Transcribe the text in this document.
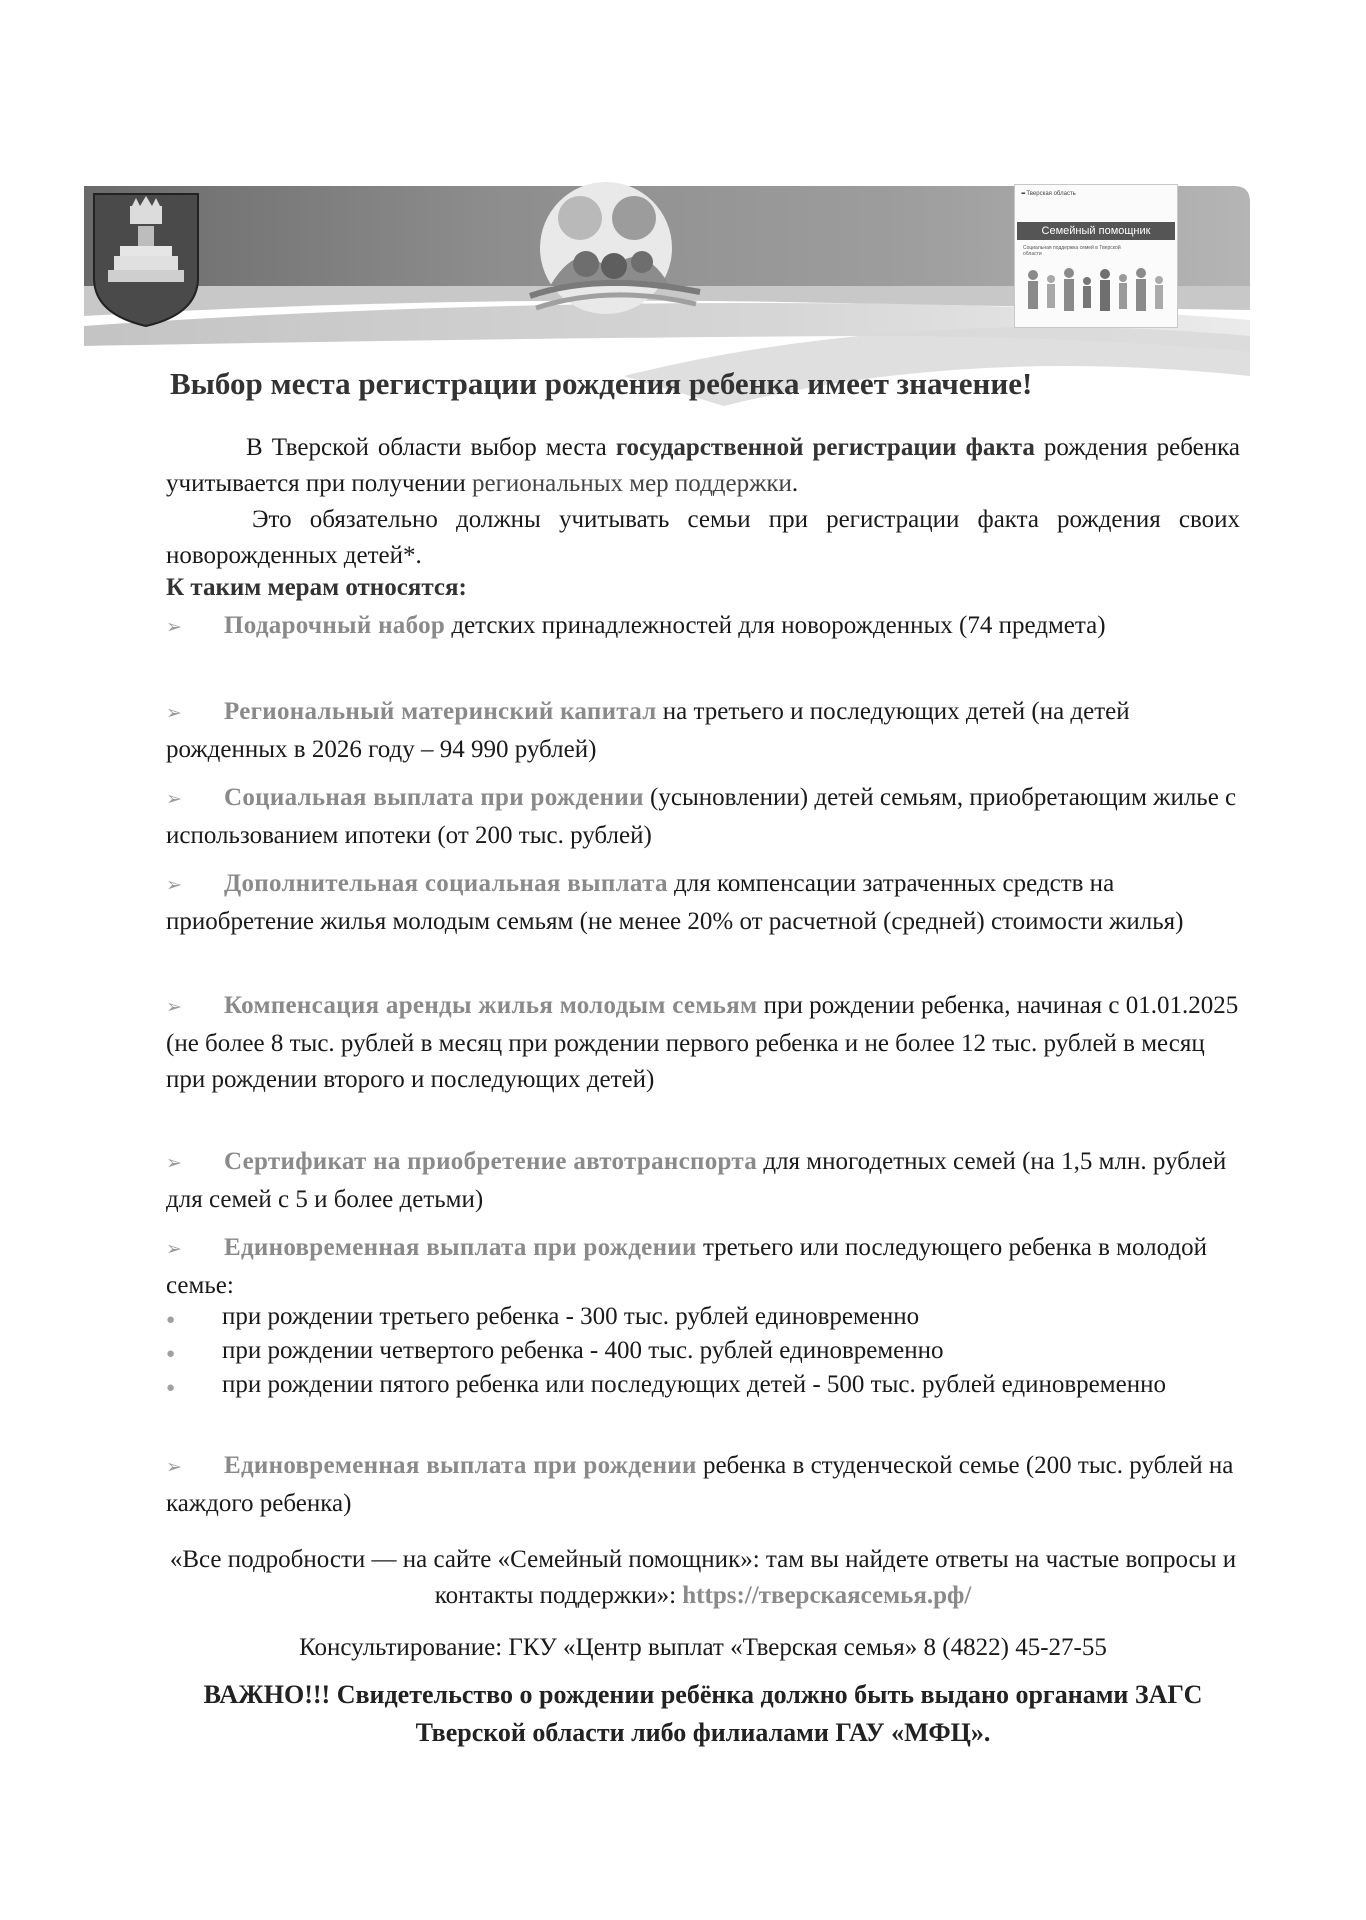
▪▪▪ Тверская область
Семейный помощник
Социальная поддержка семей в Тверской области
Выбор места регистрации рождения ребенка имеет значение!

В Тверской области выбор места государственной регистрации факта рождения ребенка учитывается при получении региональных мер поддержки.

Это обязательно должны учитывать семьи при регистрации факта рождения своих новорожденных детей*.

К таким мерам относятся:
➢ Подарочный набор детских принадлежностей для новорожденных (74 предмета)
➢ Региональный материнский капитал на третьего и последующих детей (на детей рожденных в 2026 году – 94 990 рублей)
➢ Социальная выплата при рождении (усыновлении) детей семьям, приобретающим жилье с использованием ипотеки (от 200 тыс. рублей)
➢ Дополнительная социальная выплата для компенсации затраченных средств на приобретение жилья молодым семьям (не менее 20% от расчетной (средней) стоимости жилья)
➢ Компенсация аренды жилья молодым семьям при рождении ребенка, начиная с 01.01.2025 (не более 8 тыс. рублей в месяц при рождении первого ребенка и не более 12 тыс. рублей в месяц при рождении второго и последующих детей)
➢ Сертификат на приобретение автотранспорта для многодетных семей (на 1,5 млн. рублей для семей с 5 и более детьми)
➢ Единовременная выплата при рождении третьего или последующего ребенка в молодой семье:
● при рождении третьего ребенка - 300 тыс. рублей единовременно
● при рождении четвертого ребенка - 400 тыс. рублей единовременно
● при рождении пятого ребенка или последующих детей - 500 тыс. рублей единовременно
➢ Единовременная выплата при рождении ребенка в студенческой семье (200 тыс. рублей на каждого ребенка)
«Все подробности — на сайте «Семейный помощник»: там вы найдете ответы на частые вопросы и контакты поддержки»: https://тверскаясемья.рф/
Консультирование: ГКУ «Центр выплат «Тверская семья» 8 (4822) 45-27-55
ВАЖНО!!! Свидетельство о рождении ребёнка должно быть выдано органами ЗАГС Тверской области либо филиалами ГАУ «МФЦ».
